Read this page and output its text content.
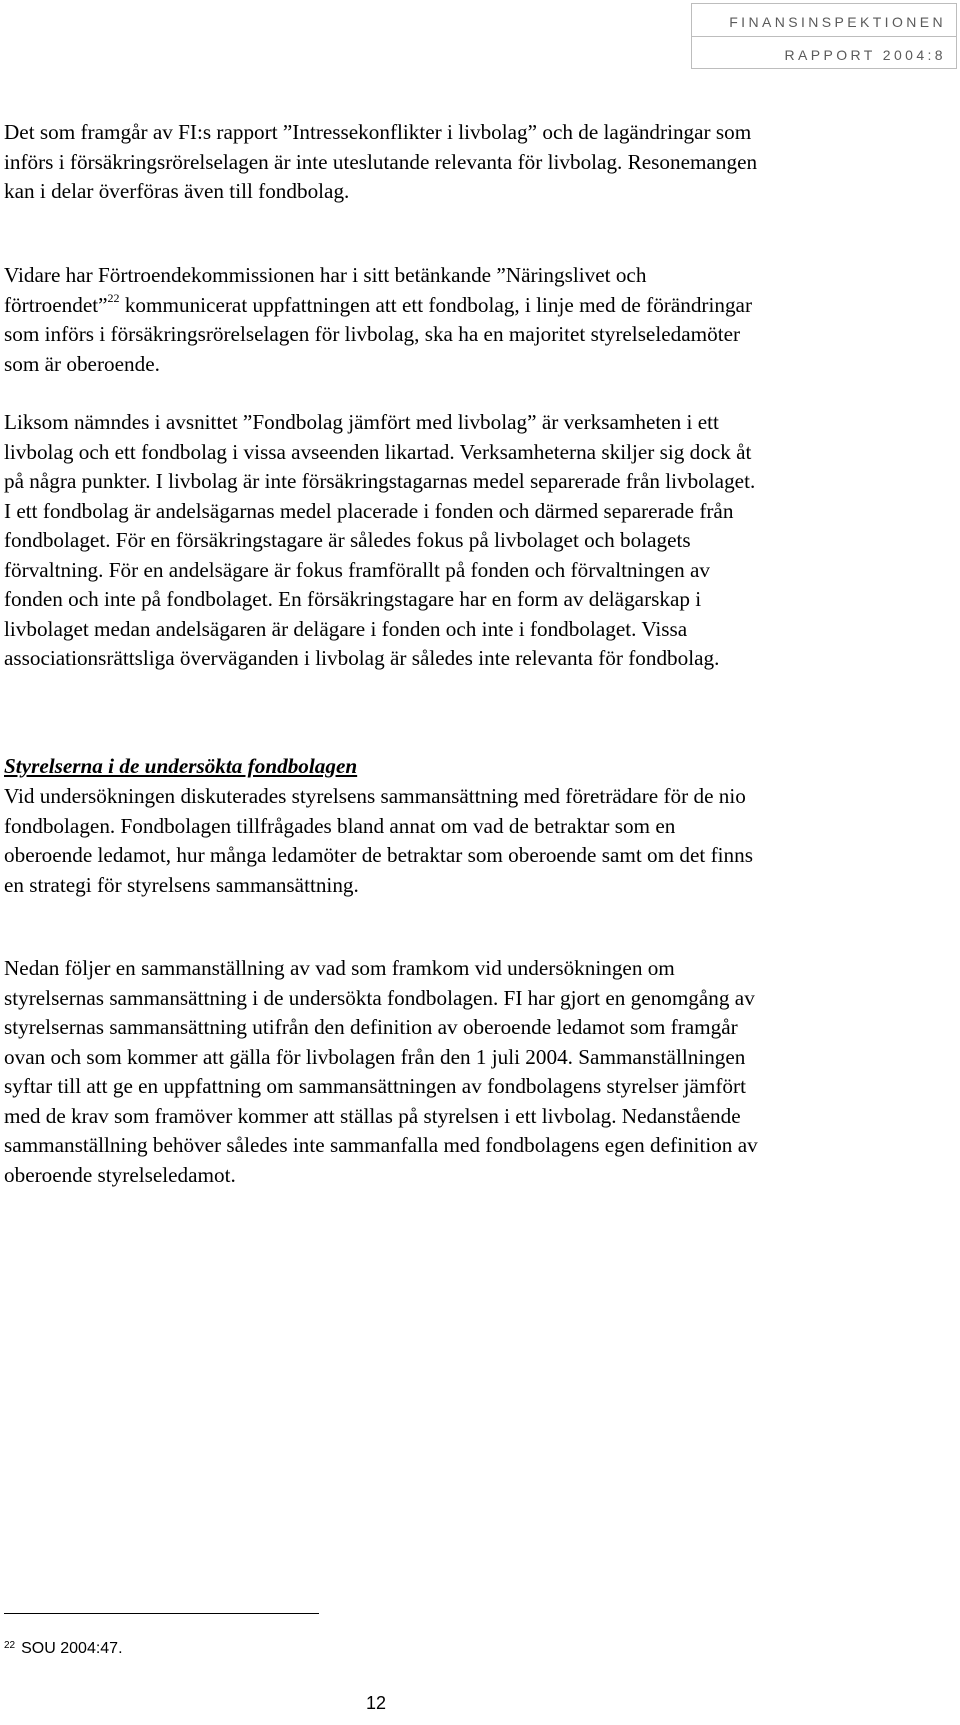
FINANSINSPEKTIONEN
RAPPORT 2004:8

Det som framgår av FI:s rapport ”Intressekonflikter i livbolag” och de lagändringar som införs i försäkringsrörelselagen är inte uteslutande relevanta för livbolag. Resonemangen kan i delar överföras även till fondbolag.

Vidare har Förtroendekommissionen har i sitt betänkande ”Näringslivet och förtroendet”$^{22}$ kommunicerat uppfattningen att ett fondbolag, i linje med de förändringar som införs i försäkringsrörelselagen för livbolag, ska ha en majoritet styrelseledamöter som är oberoende.

Liksom nämndes i avsnittet ”Fondbolag jämfört med livbolag” är verksamheten i ett livbolag och ett fondbolag i vissa avseenden likartad. Verksamheterna skiljer sig dock åt på några punkter. I livbolag är inte försäkringstagarnas medel separerade från livbolaget. I ett fondbolag är andelsägarnas medel placerade i fonden och därmed separerade från fondbolaget. För en försäkringstagare är således fokus på livbolaget och bolagets förvaltning. För en andelsägare är fokus framförallt på fonden och förvaltningen av fonden och inte på fondbolaget. En försäkringstagare har en form av delägarskap i livbolaget medan andelsägaren är delägare i fonden och inte i fondbolaget. Vissa associationsrättsliga överväganden i livbolag är således inte relevanta för fondbolag.

Styrelserna i de undersökta fondbolagen

Vid undersökningen diskuterades styrelsens sammansättning med företrädare för de nio fondbolagen. Fondbolagen tillfrågades bland annat om vad de betraktar som en oberoende ledamot, hur många ledamöter de betraktar som oberoende samt om det finns en strategi för styrelsens sammansättning.

Nedan följer en sammanställning av vad som framkom vid undersökningen om styrelsernas sammansättning i de undersökta fondbolagen. FI har gjort en genomgång av styrelsernas sammansättning utifrån den definition av oberoende ledamot som framgår ovan och som kommer att gälla för livbolagen från den 1 juli 2004. Sammanställningen syftar till att ge en uppfattning om sammansättningen av fondbolagens styrelser jämfört med de krav som framöver kommer att ställas på styrelsen i ett livbolag. Nedanstående sammanställning behöver således inte sammanfalla med fondbolagens egen definition av oberoende styrelseledamot.

$^{22}$ SOU 2004:47.
12
